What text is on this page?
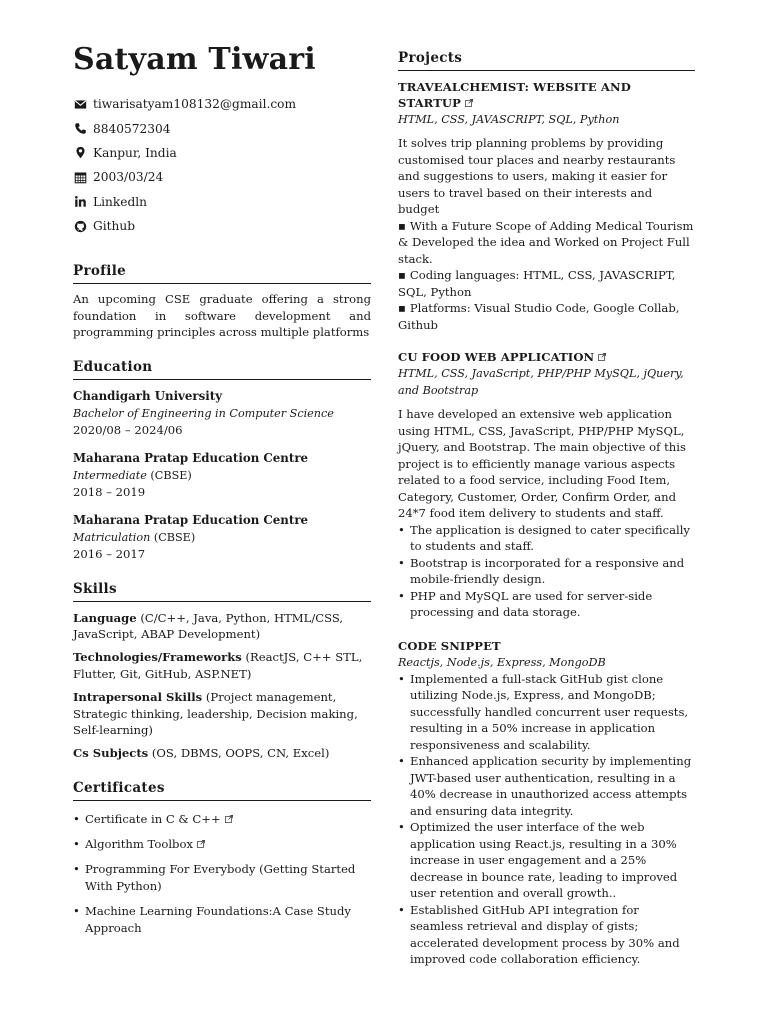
Satyam Tiwari
tiwarisatyam108132@gmail.com
8840572304
Kanpur, India
2003/03/24
Linkedln
Github
Profile
An upcoming CSE graduate offering a strong foundation in software development and programming principles across multiple platforms
Education
Chandigarh University
Bachelor of Engineering in Computer Science
2020/08 – 2024/06
Maharana Pratap Education Centre
Intermediate (CBSE)
2018 – 2019
Maharana Pratap Education Centre
Matriculation (CBSE)
2016 – 2017
Skills
Language (C/C++, Java, Python, HTML/CSS, JavaScript, ABAP Development)
Technologies/Frameworks (ReactJS, C++ STL, Flutter, Git, GitHub, ASP.NET)
Intrapersonal Skills (Project management, Strategic thinking, leadership, Decision making, Self-learning)
Cs Subjects (OS, DBMS, OOPS, CN, Excel)
Certificates
• Certificate in C & C++
• Algorithm Toolbox
• Programming For Everybody (Getting Started With Python)
• Machine Learning Foundations:A Case Study Approach
Projects
TRAVEALCHEMIST: WEBSITE AND STARTUP
HTML, CSS, JAVASCRIPT, SQL, Python
It solves trip planning problems by providing customised tour places and nearby restaurants and suggestions to users, making it easier for users to travel based on their interests and budget
▪ With a Future Scope of Adding Medical Tourism & Developed the idea and Worked on Project Full stack.
▪ Coding languages: HTML, CSS, JAVASCRIPT, SQL, Python
▪ Platforms: Visual Studio Code, Google Collab, Github
CU FOOD WEB APPLICATION
HTML, CSS, JavaScript, PHP/PHP MySQL, jQuery, and Bootstrap
I have developed an extensive web application using HTML, CSS, JavaScript, PHP/PHP MySQL, jQuery, and Bootstrap. The main objective of this project is to efficiently manage various aspects related to a food service, including Food Item, Category, Customer, Order, Confirm Order, and 24*7 food item delivery to students and staff.
• The application is designed to cater specifically to students and staff.
• Bootstrap is incorporated for a responsive and mobile-friendly design.
• PHP and MySQL are used for server-side processing and data storage.
CODE SNIPPET
Reactjs, Node.js, Express, MongoDB
• Implemented a full-stack GitHub gist clone utilizing Node.js, Express, and MongoDB; successfully handled concurrent user requests, resulting in a 50% increase in application responsiveness and scalability.
• Enhanced application security by implementing JWT-based user authentication, resulting in a 40% decrease in unauthorized access attempts and ensuring data integrity.
• Optimized the user interface of the web application using React.js, resulting in a 30% increase in user engagement and a 25% decrease in bounce rate, leading to improved user retention and overall growth..
• Established GitHub API integration for seamless retrieval and display of gists; accelerated development process by 30% and improved code collaboration efficiency.
